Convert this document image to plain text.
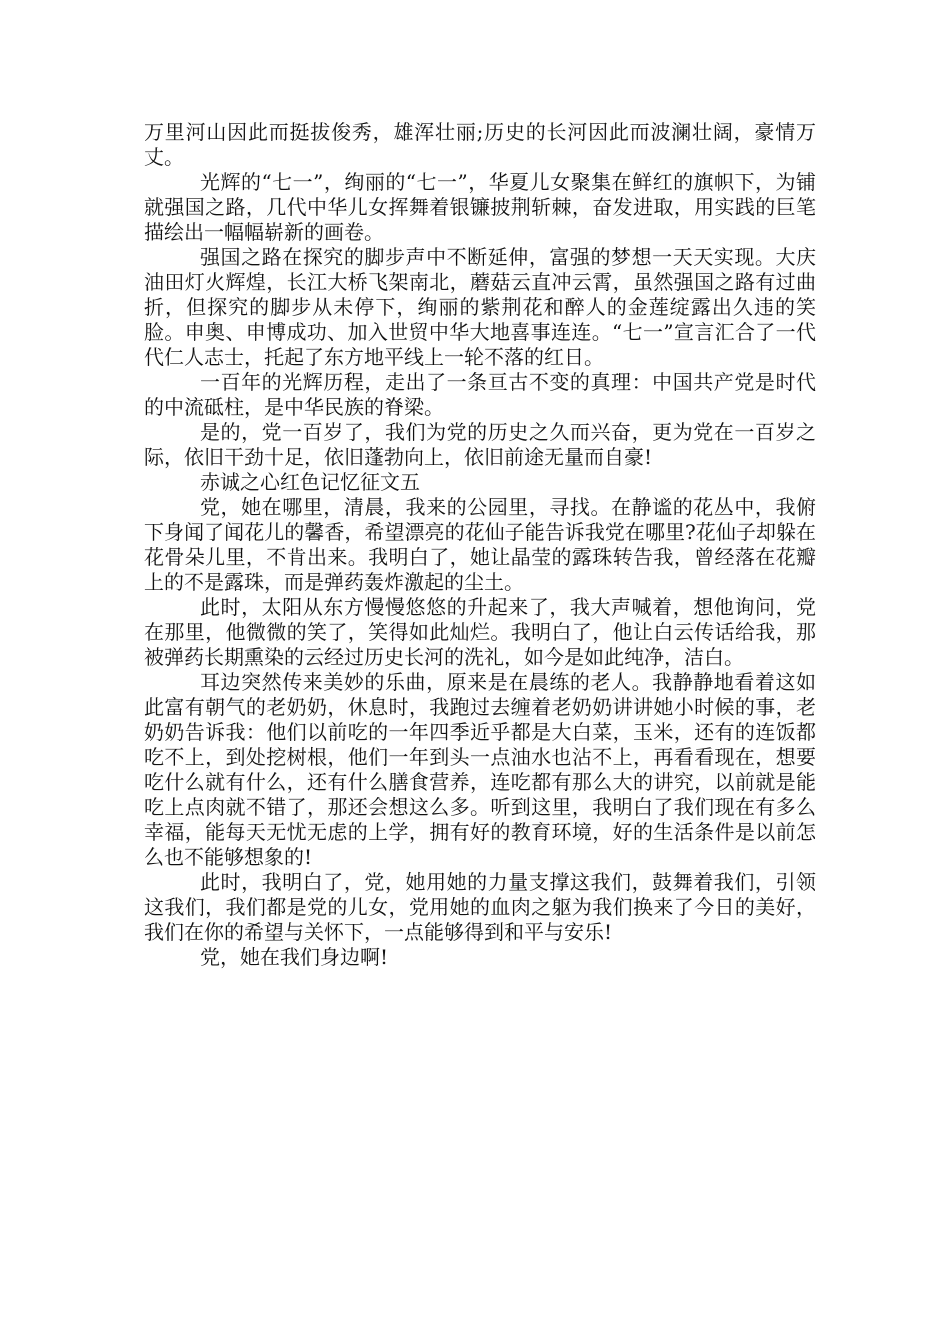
万里河山因此而挺拔俊秀，雄浑壮丽;历史的长河因此而波澜壮阔，豪情万丈。

光辉的“七一”，绚丽的“七一”，华夏儿女聚集在鲜红的旗帜下，为铺就强国之路，几代中华儿女挥舞着银镰披荆斩棘，奋发进取，用实践的巨笔描绘出一幅幅崭新的画卷。

强国之路在探究的脚步声中不断延伸，富强的梦想一天天实现。大庆油田灯火辉煌，长江大桥飞架南北，蘑菇云直冲云霄，虽然强国之路有过曲折，但探究的脚步从未停下，绚丽的紫荆花和醉人的金莲绽露出久违的笑脸。申奥、申博成功、加入世贸中华大地喜事连连。“七一”宣言汇合了一代代仁人志士，托起了东方地平线上一轮不落的红日。

一百年的光辉历程，走出了一条亘古不变的真理：中国共产党是时代的中流砥柱，是中华民族的脊梁。

是的，党一百岁了，我们为党的历史之久而兴奋，更为党在一百岁之际，依旧干劲十足，依旧蓬勃向上，依旧前途无量而自豪!

赤诚之心红色记忆征文五

党，她在哪里，清晨，我来的公园里，寻找。在静谧的花丛中，我俯下身闻了闻花儿的馨香，希望漂亮的花仙子能告诉我党在哪里?花仙子却躲在花骨朵儿里，不肯出来。我明白了，她让晶莹的露珠转告我，曾经落在花瓣上的不是露珠，而是弹药轰炸激起的尘土。

此时，太阳从东方慢慢悠悠的升起来了，我大声喊着，想他询问，党在那里，他微微的笑了，笑得如此灿烂。我明白了，他让白云传话给我，那被弹药长期熏染的云经过历史长河的洗礼，如今是如此纯净，洁白。

耳边突然传来美妙的乐曲，原来是在晨练的老人。我静静地看着这如此富有朝气的老奶奶，休息时，我跑过去缠着老奶奶讲讲她小时候的事，老奶奶告诉我：他们以前吃的一年四季近乎都是大白菜，玉米，还有的连饭都吃不上，到处挖树根，他们一年到头一点油水也沾不上，再看看现在，想要吃什么就有什么，还有什么膳食营养，连吃都有那么大的讲究，以前就是能吃上点肉就不错了，那还会想这么多。听到这里，我明白了我们现在有多么幸福，能每天无忧无虑的上学，拥有好的教育环境，好的生活条件是以前怎么也不能够想象的!

此时，我明白了，党，她用她的力量支撑这我们，鼓舞着我们，引领这我们，我们都是党的儿女，党用她的血肉之躯为我们换来了今日的美好，我们在你的希望与关怀下，一点能够得到和平与安乐!

党，她在我们身边啊!
